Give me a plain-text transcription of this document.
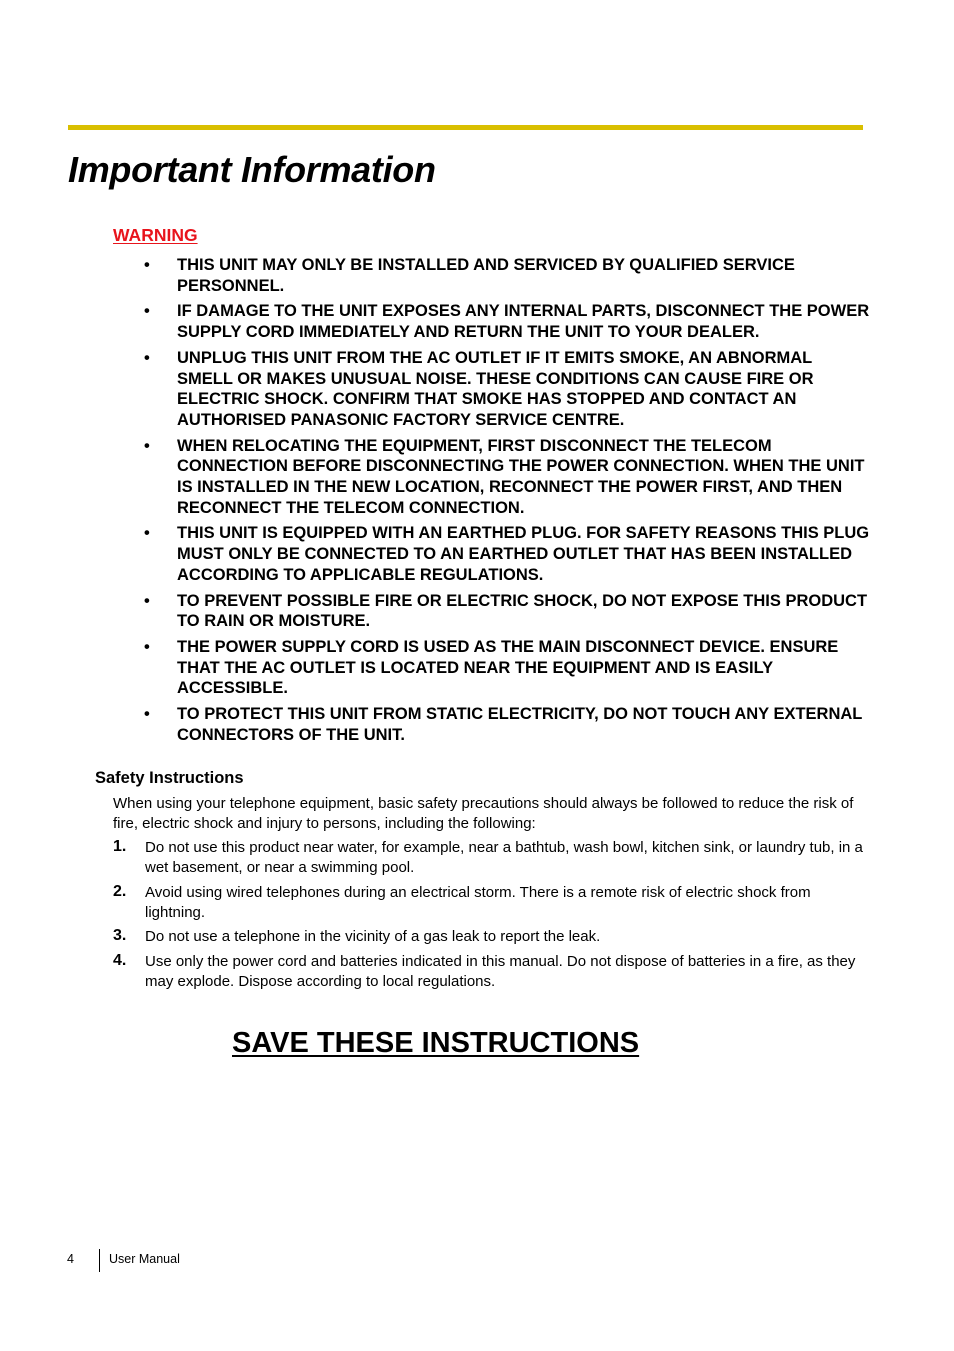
Important Information
WARNING
• THIS UNIT MAY ONLY BE INSTALLED AND SERVICED BY QUALIFIED SERVICE PERSONNEL.
• IF DAMAGE TO THE UNIT EXPOSES ANY INTERNAL PARTS, DISCONNECT THE POWER SUPPLY CORD IMMEDIATELY AND RETURN THE UNIT TO YOUR DEALER.
• UNPLUG THIS UNIT FROM THE AC OUTLET IF IT EMITS SMOKE, AN ABNORMAL SMELL OR MAKES UNUSUAL NOISE. THESE CONDITIONS CAN CAUSE FIRE OR ELECTRIC SHOCK. CONFIRM THAT SMOKE HAS STOPPED AND CONTACT AN AUTHORISED PANASONIC FACTORY SERVICE CENTRE.
• WHEN RELOCATING THE EQUIPMENT, FIRST DISCONNECT THE TELECOM CONNECTION BEFORE DISCONNECTING THE POWER CONNECTION. WHEN THE UNIT IS INSTALLED IN THE NEW LOCATION, RECONNECT THE POWER FIRST, AND THEN RECONNECT THE TELECOM CONNECTION.
• THIS UNIT IS EQUIPPED WITH AN EARTHED PLUG. FOR SAFETY REASONS THIS PLUG MUST ONLY BE CONNECTED TO AN EARTHED OUTLET THAT HAS BEEN INSTALLED ACCORDING TO APPLICABLE REGULATIONS.
• TO PREVENT POSSIBLE FIRE OR ELECTRIC SHOCK, DO NOT EXPOSE THIS PRODUCT TO RAIN OR MOISTURE.
• THE POWER SUPPLY CORD IS USED AS THE MAIN DISCONNECT DEVICE. ENSURE THAT THE AC OUTLET IS LOCATED NEAR THE EQUIPMENT AND IS EASILY ACCESSIBLE.
• TO PROTECT THIS UNIT FROM STATIC ELECTRICITY, DO NOT TOUCH ANY EXTERNAL CONNECTORS OF THE UNIT.
Safety Instructions

When using your telephone equipment, basic safety precautions should always be followed to reduce the risk of fire, electric shock and injury to persons, including the following:

1. Do not use this product near water, for example, near a bathtub, wash bowl, kitchen sink, or laundry tub, in a wet basement, or near a swimming pool.
2. Avoid using wired telephones during an electrical storm. There is a remote risk of electric shock from lightning.
3. Do not use a telephone in the vicinity of a gas leak to report the leak.
4. Use only the power cord and batteries indicated in this manual. Do not dispose of batteries in a fire, as they may explode. Dispose according to local regulations.
SAVE THESE INSTRUCTIONS
4	User Manual
